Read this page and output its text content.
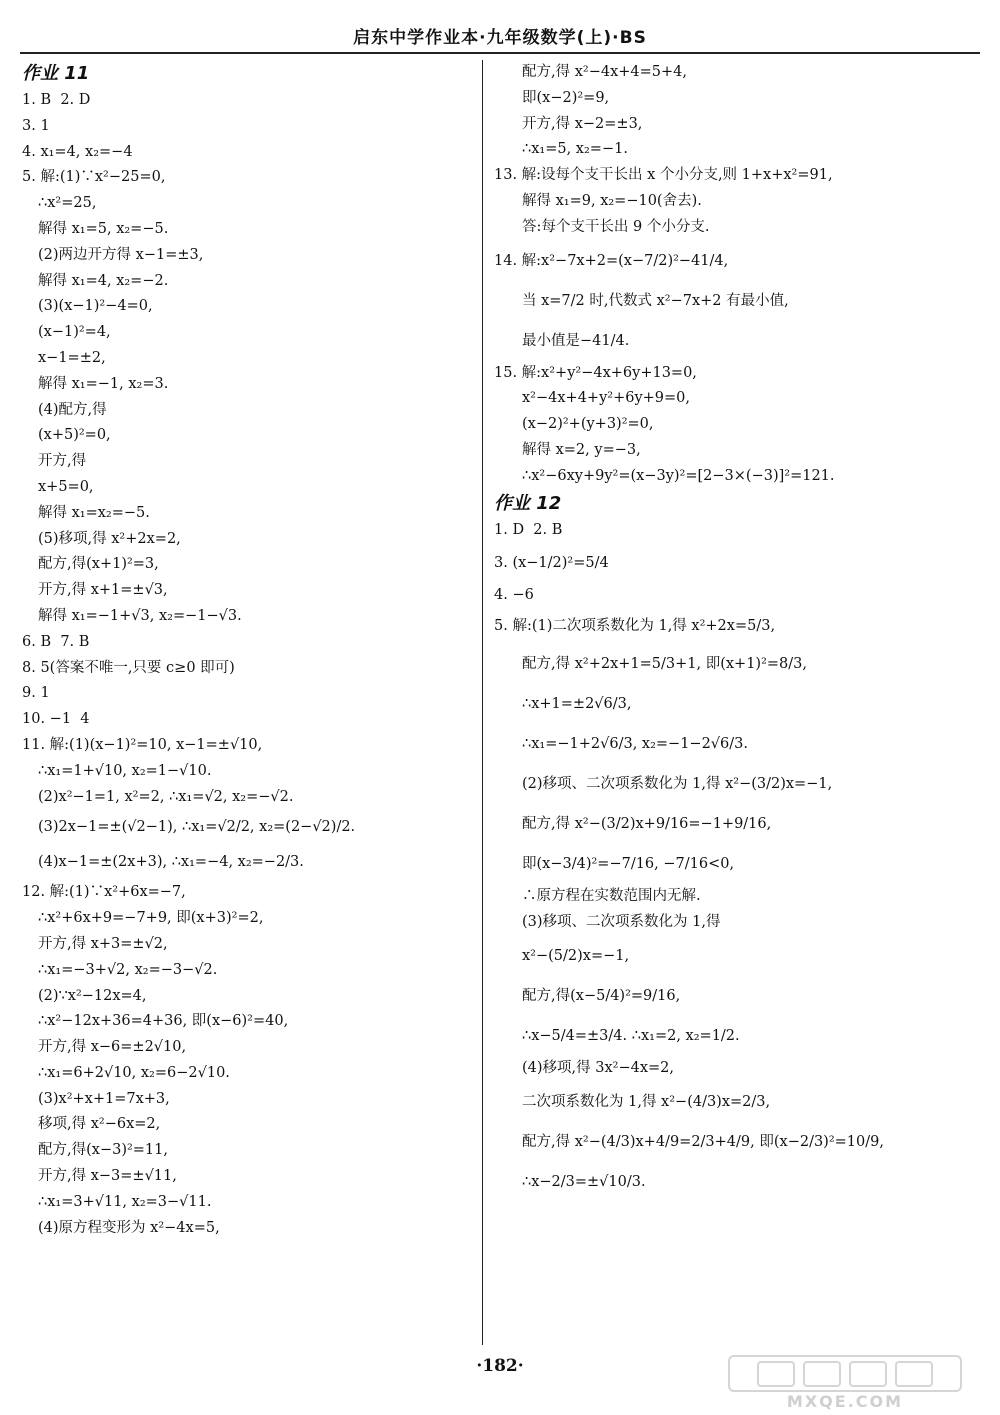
启东中学作业本·九年级数学(上)·BS
作业 11
1. B  2. D
3. 1
4. x₁=4, x₂=−4
5. 解:(1)∵x²−25=0,
∴x²=25,
解得 x₁=5, x₂=−5.
(2)两边开方得 x−1=±3,
解得 x₁=4, x₂=−2.
(3)(x−1)²−4=0,
(x−1)²=4,
x−1=±2,
解得 x₁=−1, x₂=3.
(4)配方,得
(x+5)²=0,
开方,得
x+5=0,
解得 x₁=x₂=−5.
(5)移项,得 x²+2x=2,
配方,得(x+1)²=3,
开方,得 x+1=±√3,
解得 x₁=−1+√3, x₂=−1−√3.
6. B  7. B
8. 5(答案不唯一,只要 c≥0 即可)
9. 1
10. −1  4
11. 解:(1)(x−1)²=10, x−1=±√10,
∴x₁=1+√10, x₂=1−√10.
(2)x²−1=1, x²=2, ∴x₁=√2, x₂=−√2.
(3)2x−1=±(√2−1), ∴x₁=√2/2, x₂=(2−√2)/2.
(4)x−1=±(2x+3), ∴x₁=−4, x₂=−2/3.
12. 解:(1)∵x²+6x=−7,
∴x²+6x+9=−7+9, 即(x+3)²=2,
开方,得 x+3=±√2,
∴x₁=−3+√2, x₂=−3−√2.
(2)∵x²−12x=4,
∴x²−12x+36=4+36, 即(x−6)²=40,
开方,得 x−6=±2√10,
∴x₁=6+2√10, x₂=6−2√10.
(3)x²+x+1=7x+3,
移项,得 x²−6x=2,
配方,得(x−3)²=11,
开方,得 x−3=±√11,
∴x₁=3+√11, x₂=3−√11.
(4)原方程变形为 x²−4x=5,
配方,得 x²−4x+4=5+4,
即(x−2)²=9,
开方,得 x−2=±3,
∴x₁=5, x₂=−1.
13. 解:设每个支干长出 x 个小分支,则 1+x+x²=91,
解得 x₁=9, x₂=−10(舍去).
答:每个支干长出 9 个小分支.
14. 解:x²−7x+2=(x−7/2)²−41/4,
当 x=7/2 时,代数式 x²−7x+2 有最小值,
最小值是−41/4.
15. 解:x²+y²−4x+6y+13=0,
x²−4x+4+y²+6y+9=0,
(x−2)²+(y+3)²=0,
解得 x=2, y=−3,
∴x²−6xy+9y²=(x−3y)²=[2−3×(−3)]²=121.
作业 12
1. D  2. B
3. (x−1/2)²=5/4
4. −6
5. 解:(1)二次项系数化为 1,得 x²+2x=5/3,
配方,得 x²+2x+1=5/3+1, 即(x+1)²=8/3,
∴x+1=±2√6/3,
∴x₁=−1+2√6/3, x₂=−1−2√6/3.
(2)移项、二次项系数化为 1,得 x²−(3/2)x=−1,
配方,得 x²−(3/2)x+9/16=−1+9/16,
即(x−3/4)²=−7/16, −7/16<0,
∴原方程在实数范围内无解.
(3)移项、二次项系数化为 1,得
x²−(5/2)x=−1,
配方,得(x−5/4)²=9/16,
∴x−5/4=±3/4. ∴x₁=2, x₂=1/2.
(4)移项,得 3x²−4x=2,
二次项系数化为 1,得 x²−(4/3)x=2/3,
配方,得 x²−(4/3)x+4/9=2/3+4/9, 即(x−2/3)²=10/9,
∴x−2/3=±√10/3.
·182·
MXQE.COM
